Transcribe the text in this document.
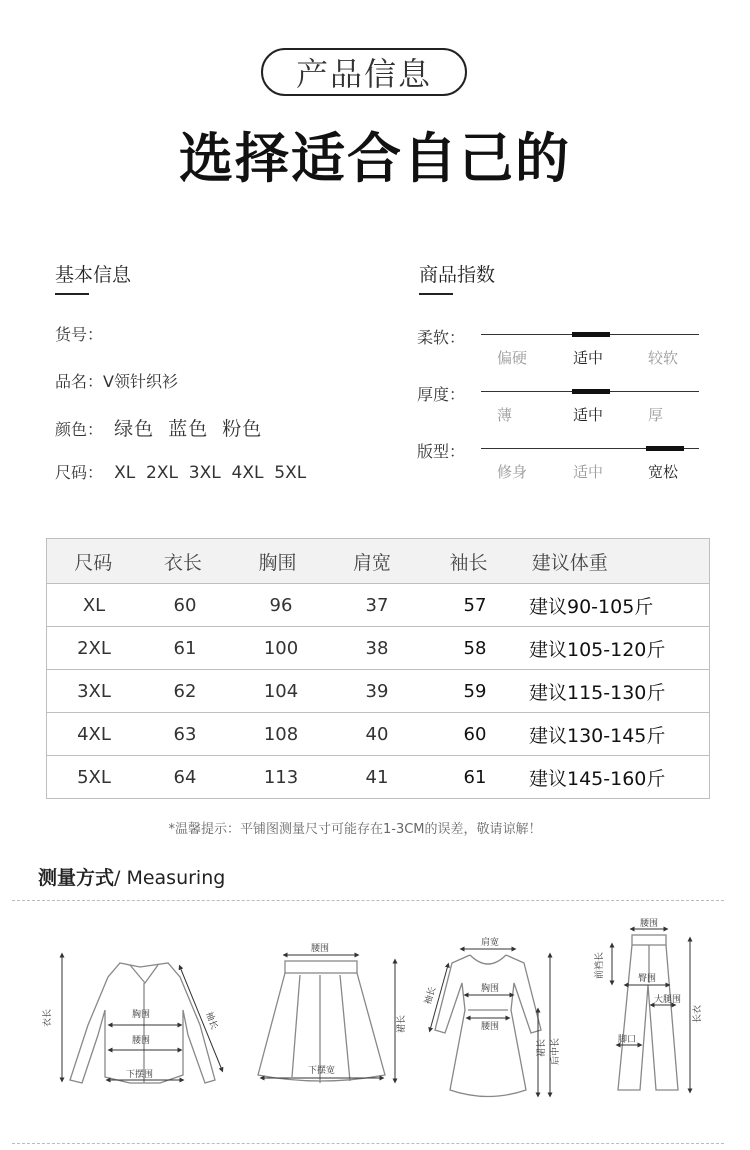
产品信息
选择适合自己的
基本信息
货号：
品名：V领针织衫
颜色： 绿色  蓝色  粉色
尺码： XL  2XL  3XL  4XL  5XL
商品指数
柔软：
偏硬	适中	较软
厚度：
薄	适中	厚
版型：
修身	适中	宽松
尺码	衣长	胸围	肩宽	袖长	建议体重
XL	60	96	37	57	建议90-105斤
2XL	61	100	38	58	建议105-120斤
3XL	62	104	39	59	建议115-130斤
4XL	63	108	40	60	建议130-145斤
5XL	64	113	41	61	建议145-160斤
*温馨提示：平铺图测量尺寸可能存在1-3CM的误差，敬请谅解！
测量方式/ Measuring
胸围
腰围
下摆围
衣长	袖长
腰围
下摆宽
裙长
肩宽
胸围
腰围
袖长
裙长 后中长
腰围
前裆长	臀围
大腿围
脚口
长衣
